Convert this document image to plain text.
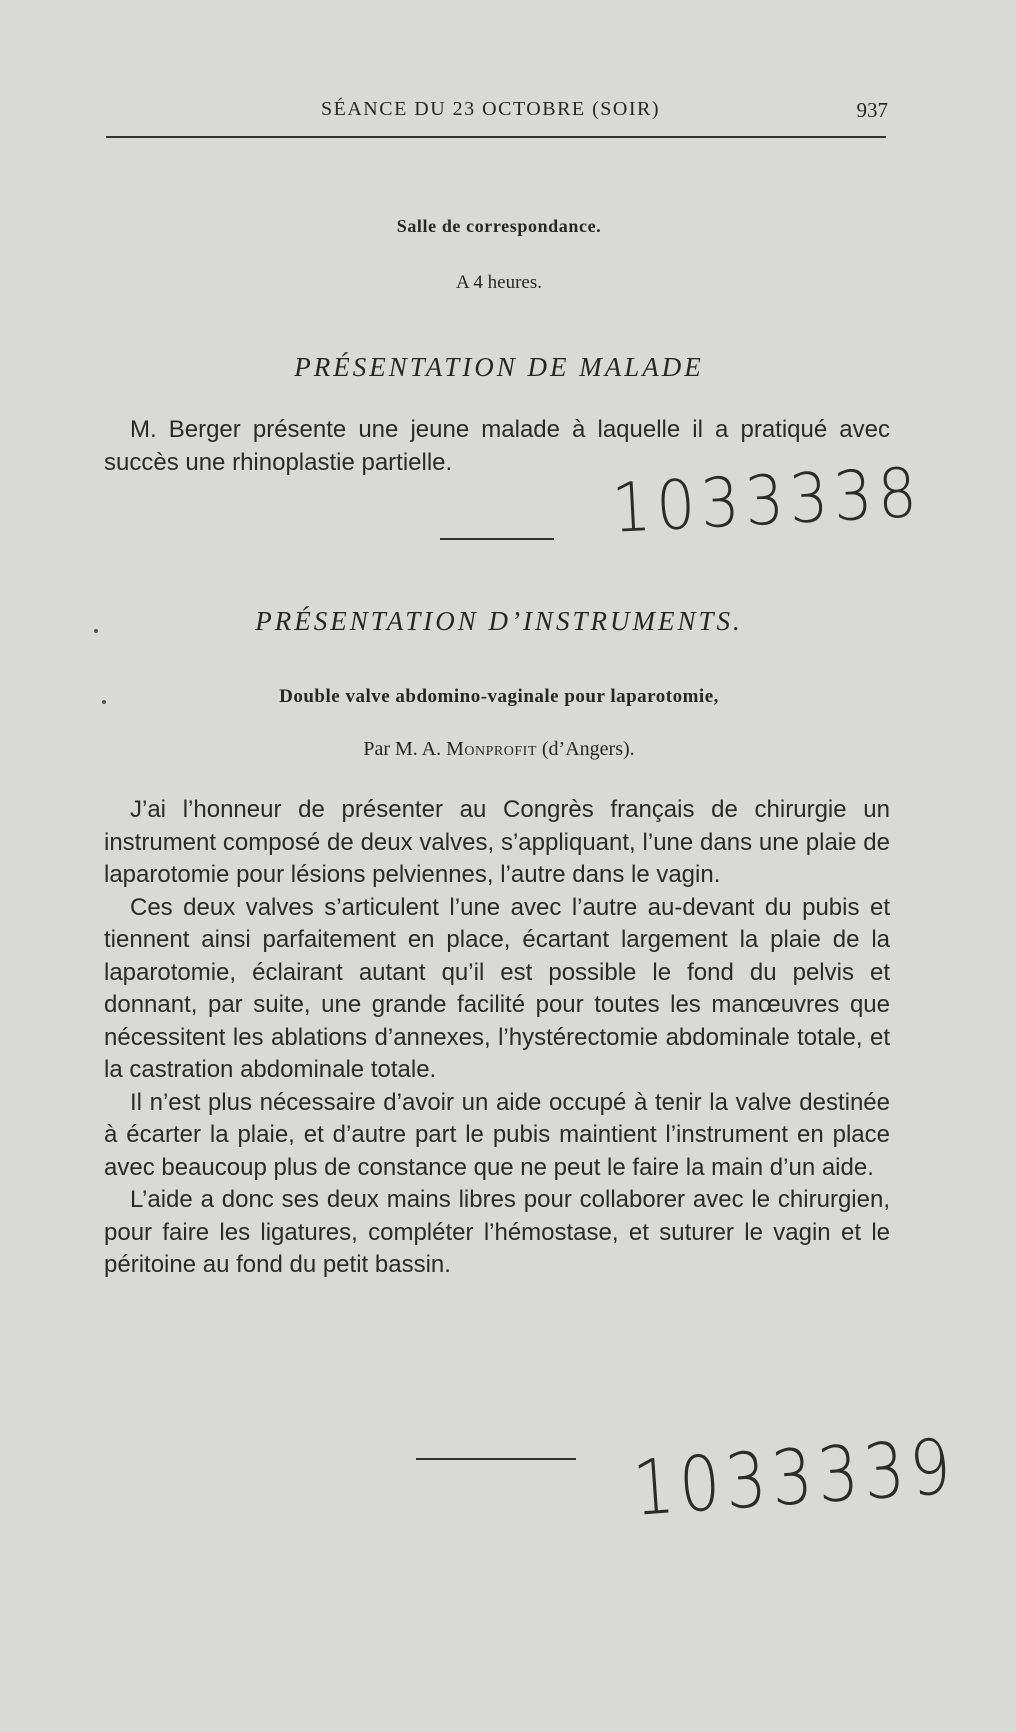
SÉANCE DU 23 OCTOBRE (SOIR)	937
Salle de correspondance.
A 4 heures.
PRÉSENTATION DE MALADE

M. Berger présente une jeune malade à laquelle il a pratiqué avec succès une rhinoplastie partielle.	1033338
PRÉSENTATION D’INSTRUMENTS.
Double valve abdomino-vaginale pour laparotomie,
Par M. A. Monprofit (d’Angers).

J’ai l’honneur de présenter au Congrès français de chirurgie un instrument composé de deux valves, s’appliquant, l’une dans une plaie de laparotomie pour lésions pelviennes, l’autre dans le vagin.

Ces deux valves s’articulent l’une avec l’autre au-devant du pubis et tiennent ainsi parfaitement en place, écartant largement la plaie de la laparotomie, éclairant autant qu’il est possible le fond du pelvis et donnant, par suite, une grande facilité pour toutes les manœuvres que nécessitent les ablations d’annexes, l’hystérectomie abdominale totale, et la castration abdominale totale.

Il n’est plus nécessaire d’avoir un aide occupé à tenir la valve destinée à écarter la plaie, et d’autre part le pubis maintient l’instrument en place avec beaucoup plus de constance que ne peut le faire la main d’un aide.

L’aide a donc ses deux mains libres pour collaborer avec le chirurgien, pour faire les ligatures, compléter l’hémostase, et suturer le vagin et le péritoine au fond du petit bassin.

1033339
